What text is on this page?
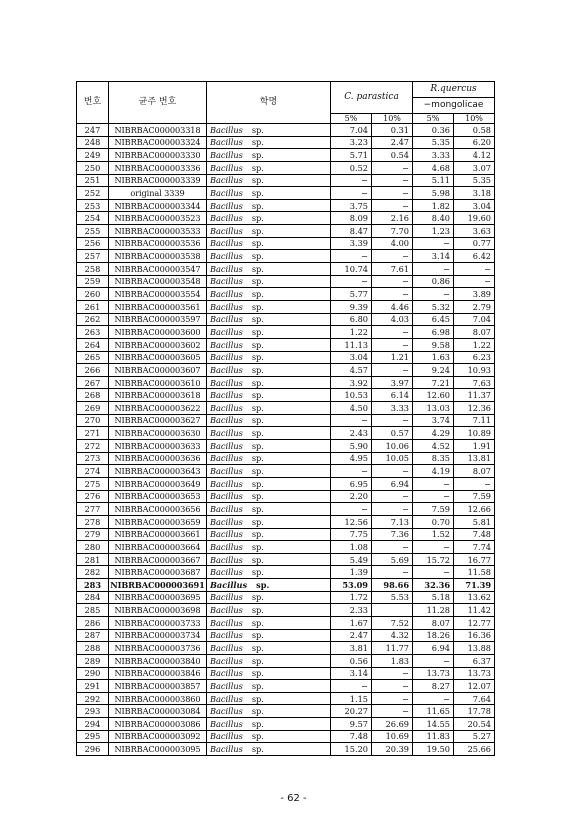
번호	균주 번호	학명	C. parastica		R.quercus	
					−mongolicae	
			5%	10%	5%	10%
247	NIBRBAC000003318	Bacillus sp.	7.04	0.31	0.36	0.58
248	NIBRBAC000003324	Bacillus sp.	3.23	2.47	5.35	6.20
249	NIBRBAC000003330	Bacillus sp.	5.71	0.54	3.33	4.12
250	NIBRBAC000003336	Bacillus sp.	0.52	−	4.68	3.07
251	NIBRBAC000003339	Bacillus sp.	−	−	5.11	5.35
252	original 3339	Bacillus sp.	−	−	5.98	3.18
253	NIBRBAC000003344	Bacillus sp.	3.75	−	1.82	3.04
254	NIBRBAC000003523	Bacillus sp.	8.09	2.16	8.40	19.60
255	NIBRBAC000003533	Bacillus sp.	8.47	7.70	1.23	3.63
256	NIBRBAC000003536	Bacillus sp.	3.39	4.00	−	0.77
257	NIBRBAC000003538	Bacillus sp.	−	−	3.14	6.42
258	NIBRBAC000003547	Bacillus sp.	10.74	7.61	−	−
259	NIBRBAC000003548	Bacillus sp.	−	−	0.86	−
260	NIBRBAC000003554	Bacillus sp.	5.77	−	−	3.89
261	NIBRBAC000003561	Bacillus sp.	9.39	4.46	5.32	2.79
262	NIBRBAC000003597	Bacillus sp.	6.80	4.03	6.45	7.04
263	NIBRBAC000003600	Bacillus sp.	1.22	−	6.98	8.07
264	NIBRBAC000003602	Bacillus sp.	11.13	−	9.58	1.22
265	NIBRBAC000003605	Bacillus sp.	3.04	1.21	1.63	6.23
266	NIBRBAC000003607	Bacillus sp.	4.57	−	9.24	10.93
267	NIBRBAC000003610	Bacillus sp.	3.92	3.97	7.21	7.63
268	NIBRBAC000003618	Bacillus sp.	10.53	6.14	12.60	11.37
269	NIBRBAC000003622	Bacillus sp.	4.50	3.33	13.03	12.36
270	NIBRBAC000003627	Bacillus sp.	−	−	3.74	7.11
271	NIBRBAC000003630	Bacillus sp.	2.43	0.57	4.29	10.89
272	NIBRBAC000003633	Bacillus sp.	5.90	10.06	4.52	1.91
273	NIBRBAC000003636	Bacillus sp.	4.95	10.05	8.35	13.81
274	NIBRBAC000003643	Bacillus sp.	−	−	4.19	8.07
275	NIBRBAC000003649	Bacillus sp.	6.95	6.94	−	−
276	NIBRBAC000003653	Bacillus sp.	2.20	−	−	7.59
277	NIBRBAC000003656	Bacillus sp.	−	−	7.59	12.66
278	NIBRBAC000003659	Bacillus sp.	12.56	7.13	0.70	5.81
279	NIBRBAC000003661	Bacillus sp.	7.75	7.36	1.52	7.48
280	NIBRBAC000003664	Bacillus sp.	1.08	−	−	7.74
281	NIBRBAC000003667	Bacillus sp.	5.49	5.69	15.72	16.77
282	NIBRBAC000003687	Bacillus sp.	1.39	−	−	11.58
283	NIBRBAC000003691	Bacillus sp.	53.09	98.66	32.36	71.39
284	NIBRBAC000003695	Bacillus sp.	1.72	5.53	5.18	13.62
285	NIBRBAC000003698	Bacillus sp.	2.33		11.28	11.42
286	NIBRBAC000003733	Bacillus sp.	1.67	7.52	8.07	12.77
287	NIBRBAC000003734	Bacillus sp.	2.47	4.32	18.26	16.36
288	NIBRBAC000003736	Bacillus sp.	3.81	11.77	6.94	13.88
289	NIBRBAC000003840	Bacillus sp.	0.56	1.83	−	6.37
290	NIBRBAC000003846	Bacillus sp.	3.14	−	13.73	13.73
291	NIBRBAC000003857	Bacillus sp.	−	−	8.27	12.07
292	NIBRBAC000003860	Bacillus sp.	1.15	−	−	7.64
293	NIBRBAC000003084	Bacillus sp.	20.27	−	11.65	17.78
294	NIBRBAC000003086	Bacillus sp.	9.57	26.69	14.55	20.54
295	NIBRBAC000003092	Bacillus sp.	7.48	10.69	11.83	5.27
296	NIBRBAC000003095	Bacillus sp.	15.20	20.39	19.50	25.66
- 62 -
